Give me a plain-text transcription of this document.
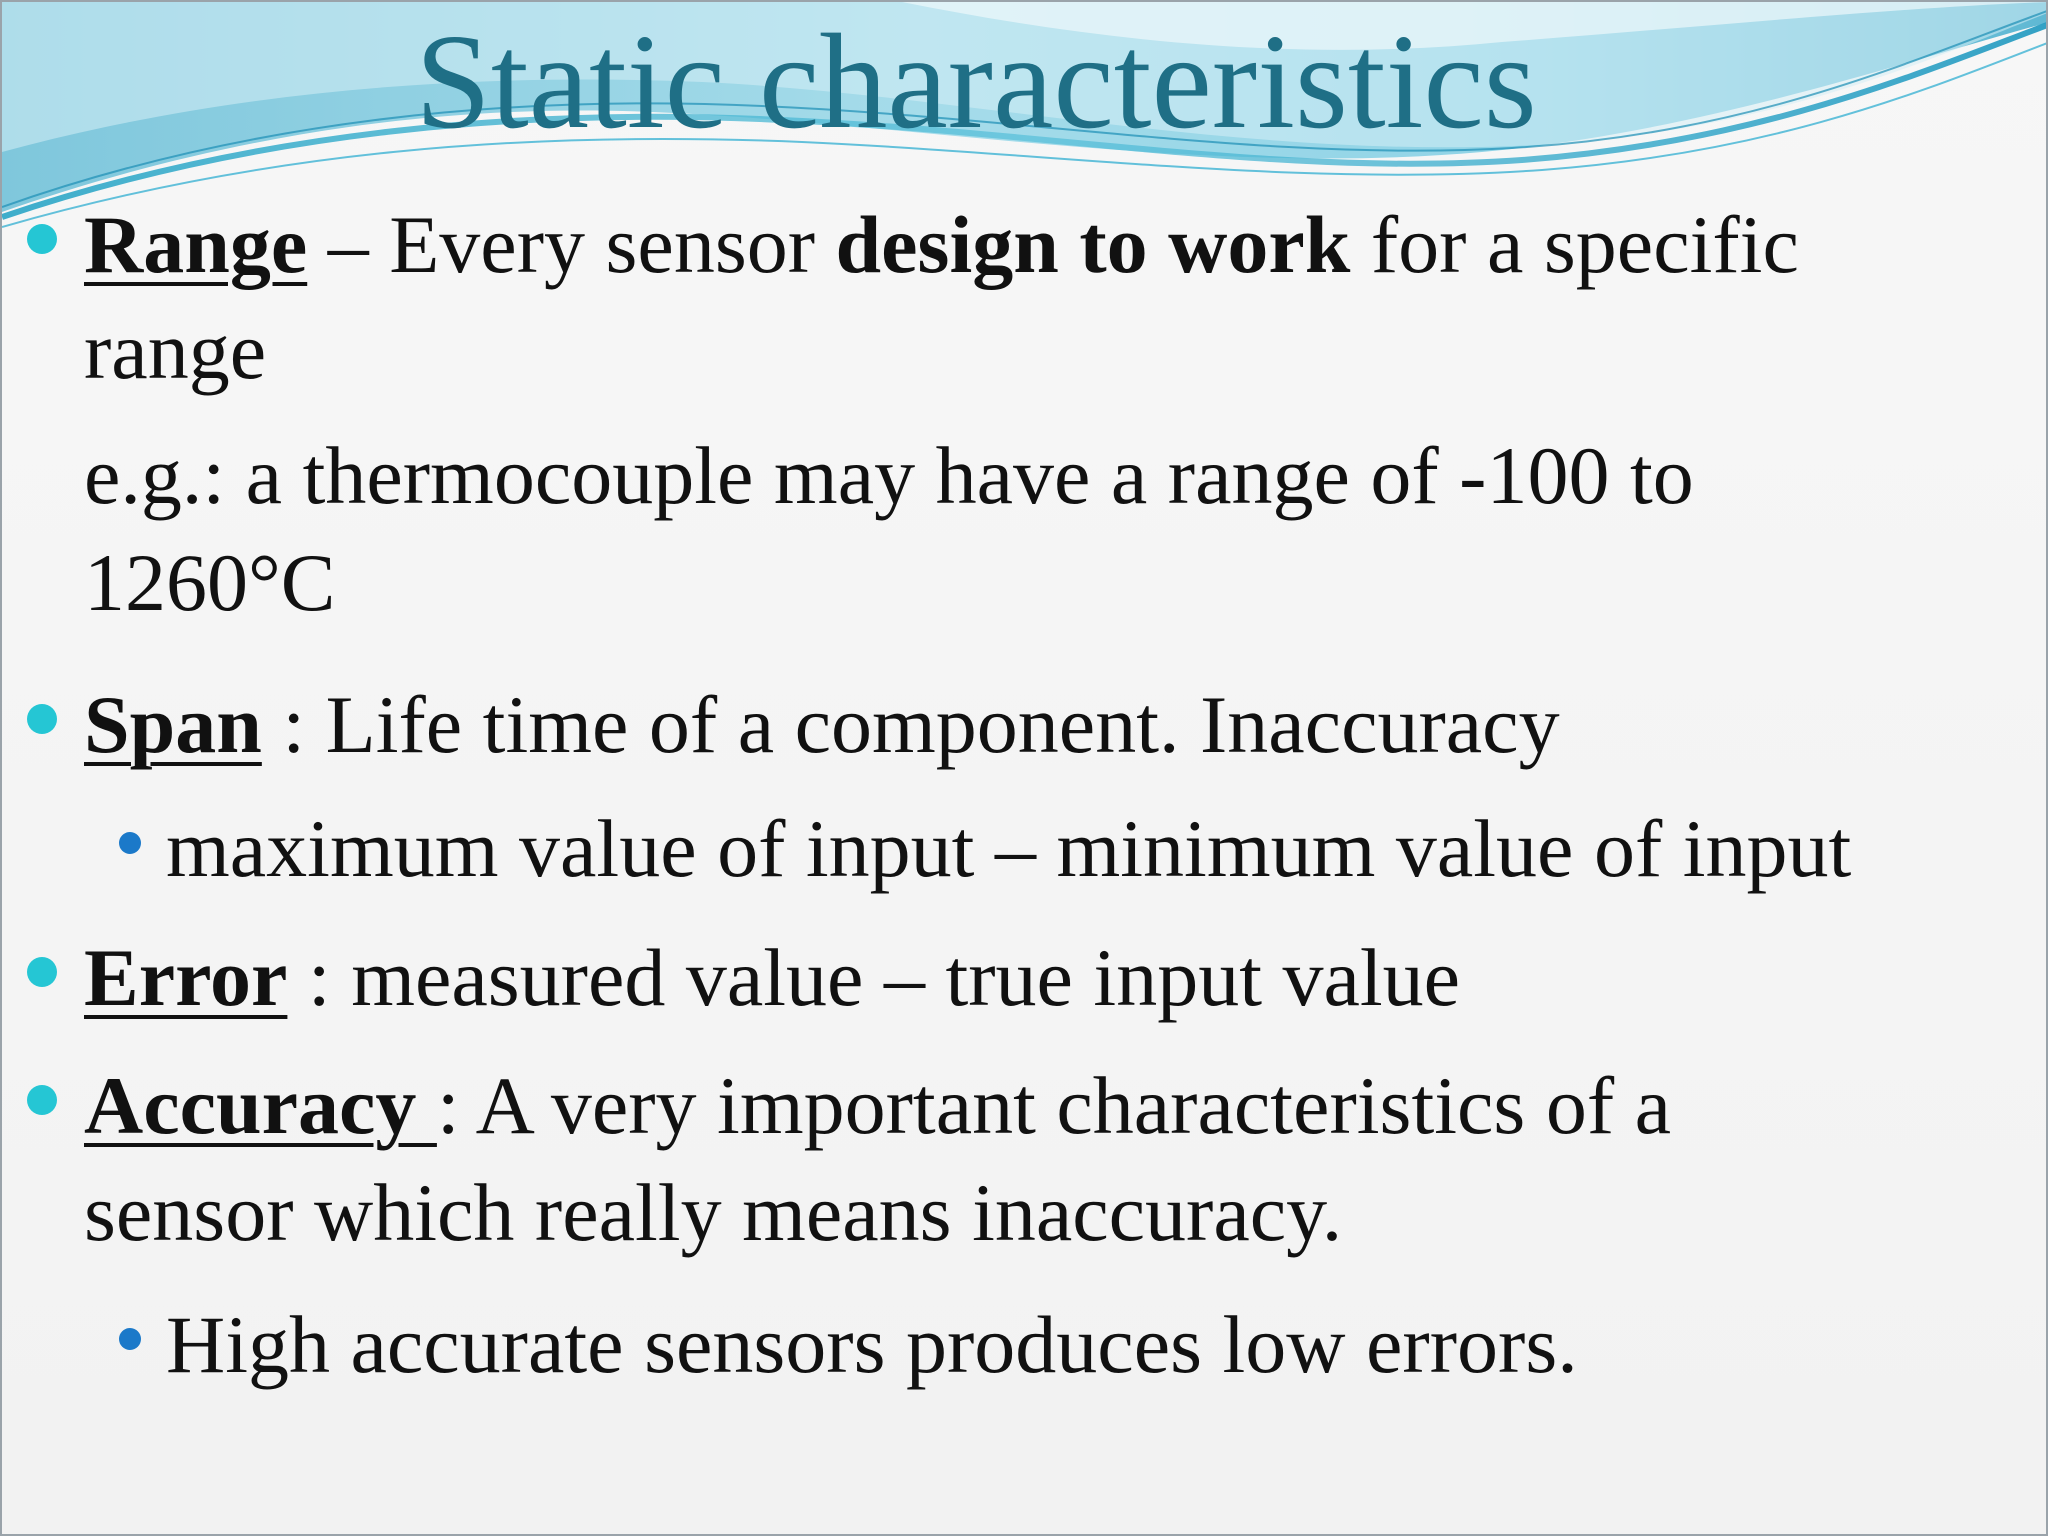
Static characteristics
Range – Every sensor design to work for a specific
range
e.g.: a thermocouple may have a range of -100 to
1260°C
Span : Life time of a component. Inaccuracy
maximum value of input – minimum value of input
Error : measured value – true input value
Accuracy : A very important characteristics of a
sensor which really means inaccuracy.
High accurate sensors produces low errors.
